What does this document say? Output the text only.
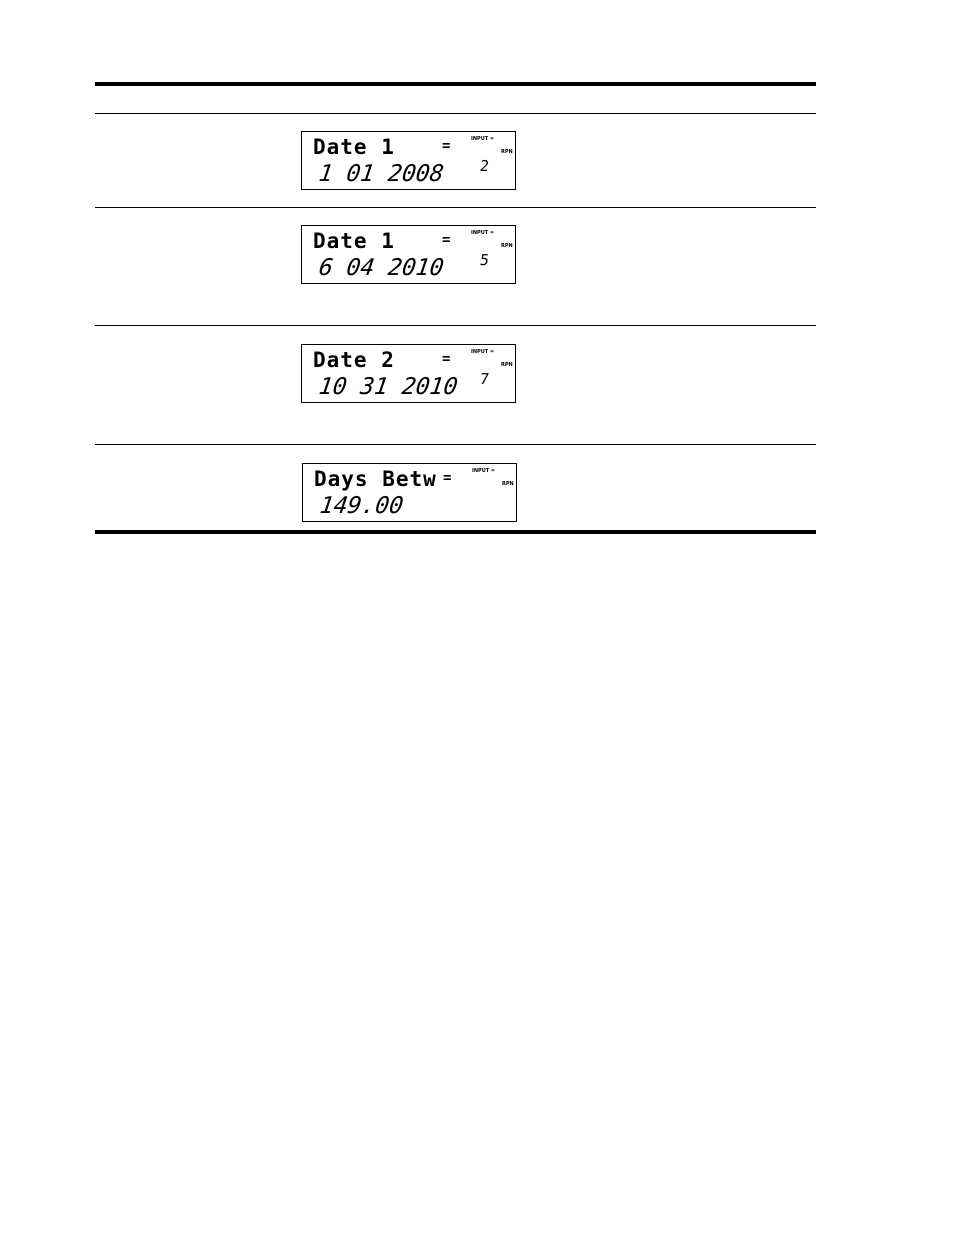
Date 1	=	INPUT =
RPN
1 01 2008 2
Date 1	=	INPUT =
RPN
6 04 2010 5
Date 2	=	INPUT =
RPN
10 31 2010 7
Days Betw =	INPUT =
RPN
149.00
